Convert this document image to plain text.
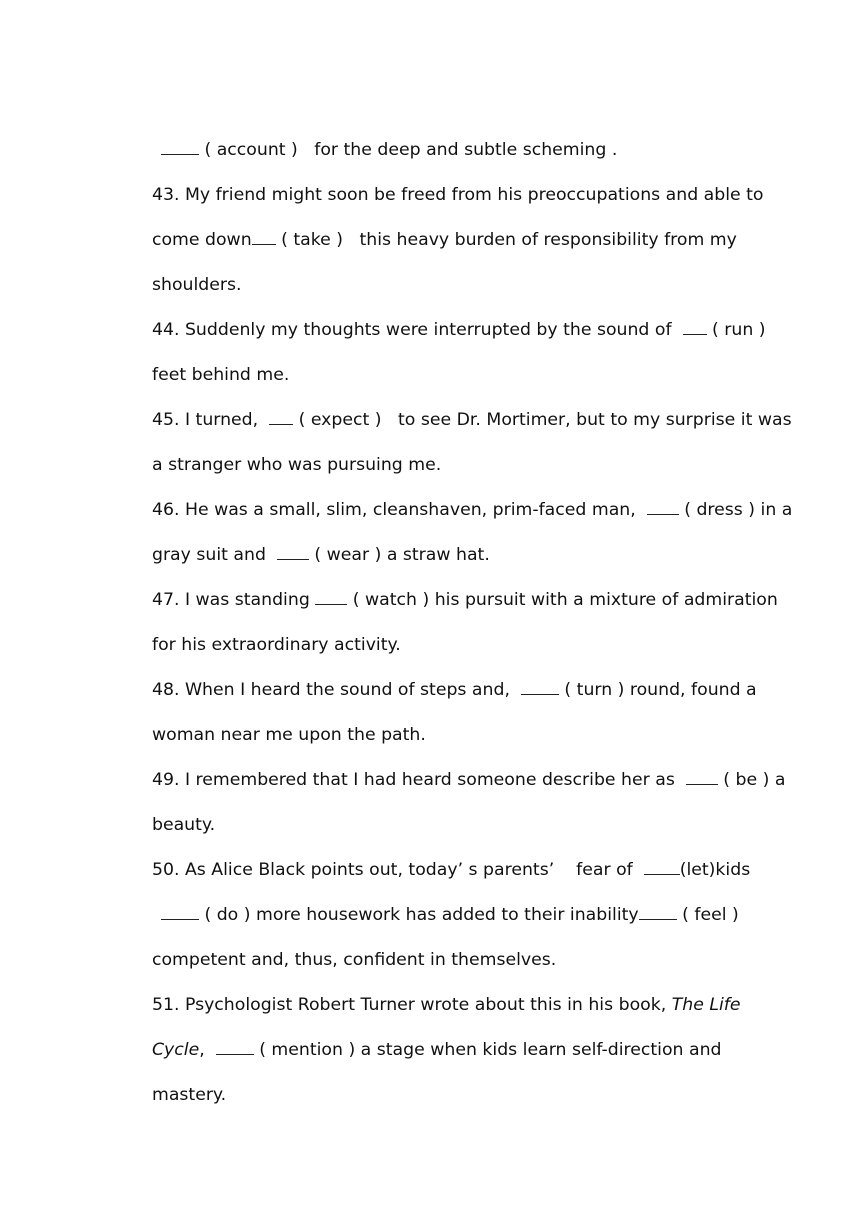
( account )   for the deep and subtle scheming .

43. My friend might soon be freed from his preoccupations and able to

come down ( take )   this heavy burden of responsibility from my

shoulders.

44. Suddenly my thoughts were interrupted by the sound of   ( run )

feet behind me.

45. I turned,   ( expect )   to see Dr. Mortimer, but to my surprise it was

a stranger who was pursuing me.

46. He was a small, slim, cleanshaven, prim-faced man,   ( dress ) in a

gray suit and   ( wear ) a straw hat.

47. I was standing  ( watch ) his pursuit with a mixture of admiration

for his extraordinary activity.

48. When I heard the sound of steps and,   ( turn ) round, found a

woman near me upon the path.

49. I remembered that I had heard someone describe her as   ( be ) a

beauty.

50. As Alice Black points out, today’ s parents’    fear of  (let)kids

( do ) more housework has added to their inability ( feel )

competent and, thus, confident in themselves.

51. Psychologist Robert Turner wrote about this in his book, The Life

Cycle,   ( mention ) a stage when kids learn self-direction and

mastery.
